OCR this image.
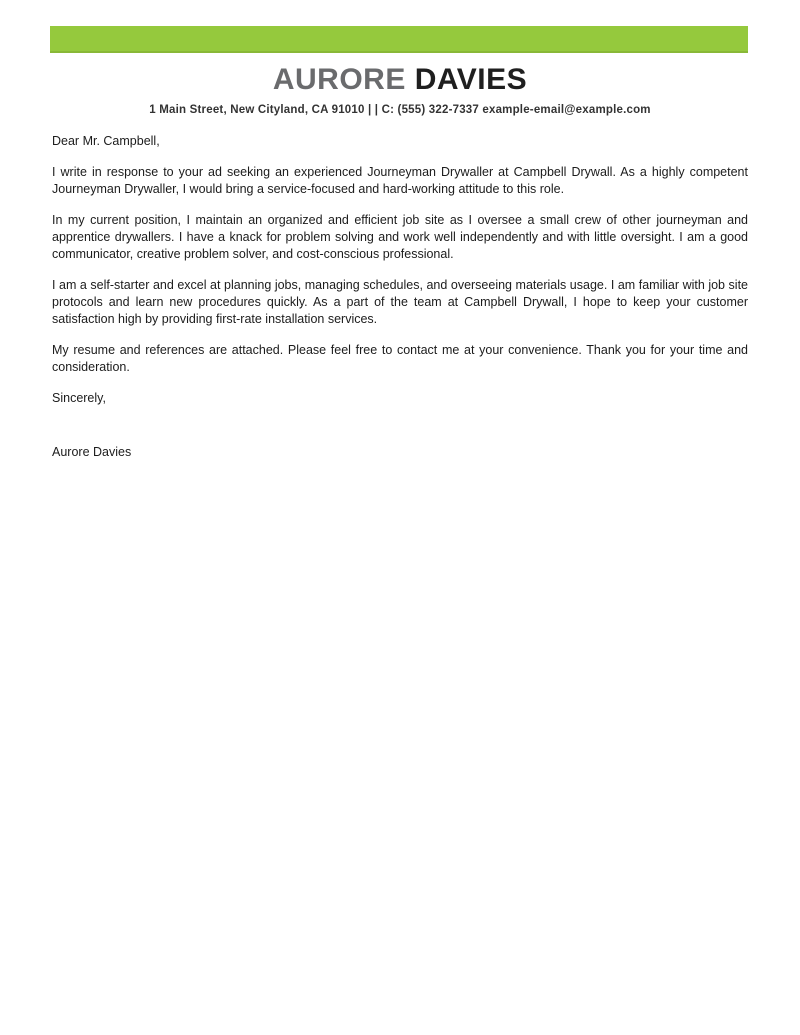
AURORE DAVIES
1 Main Street, New Cityland, CA 91010 | | C: (555) 322-7337 example-email@example.com

Dear Mr. Campbell,

I write in response to your ad seeking an experienced Journeyman Drywaller at Campbell Drywall. As a highly competent Journeyman Drywaller, I would bring a service-focused and hard-working attitude to this role.

In my current position, I maintain an organized and efficient job site as I oversee a small crew of other journeyman and apprentice drywallers. I have a knack for problem solving and work well independently and with little oversight. I am a good communicator, creative problem solver, and cost-conscious professional.

I am a self-starter and excel at planning jobs, managing schedules, and overseeing materials usage. I am familiar with job site protocols and learn new procedures quickly. As a part of the team at Campbell Drywall, I hope to keep your customer satisfaction high by providing first-rate installation services.

My resume and references are attached. Please feel free to contact me at your convenience. Thank you for your time and consideration.

Sincerely,

Aurore Davies
